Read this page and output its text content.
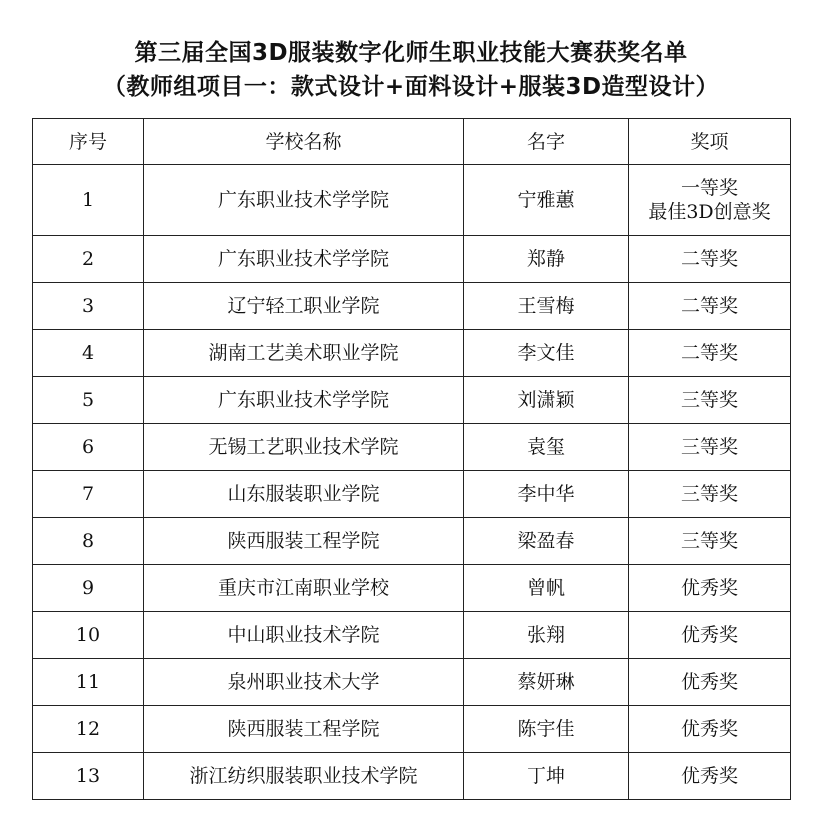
第三届全国3D服装数字化师生职业技能大赛获奖名单
（教师组项目一：款式设计+面料设计+服装3D造型设计）
序号	学校名称	名字	奖项
1	广东职业技术学学院	宁雅蕙	一等奖
最佳3D创意奖

2	广东职业技术学学院	郑静	二等奖

3	辽宁轻工职业学院	王雪梅	二等奖

4	湖南工艺美术职业学院	李文佳	二等奖

5	广东职业技术学学院	刘潇颖	三等奖

6	无锡工艺职业技术学院	袁玺	三等奖

7	山东服装职业学院	李中华	三等奖

8	陕西服装工程学院	梁盈春	三等奖

9	重庆市江南职业学校	曾帆	优秀奖

10	中山职业技术学院	张翔	优秀奖

11	泉州职业技术大学	蔡妍琳	优秀奖

12	陕西服装工程学院	陈宇佳	优秀奖

13	浙江纺织服装职业技术学院	丁坤	优秀奖
